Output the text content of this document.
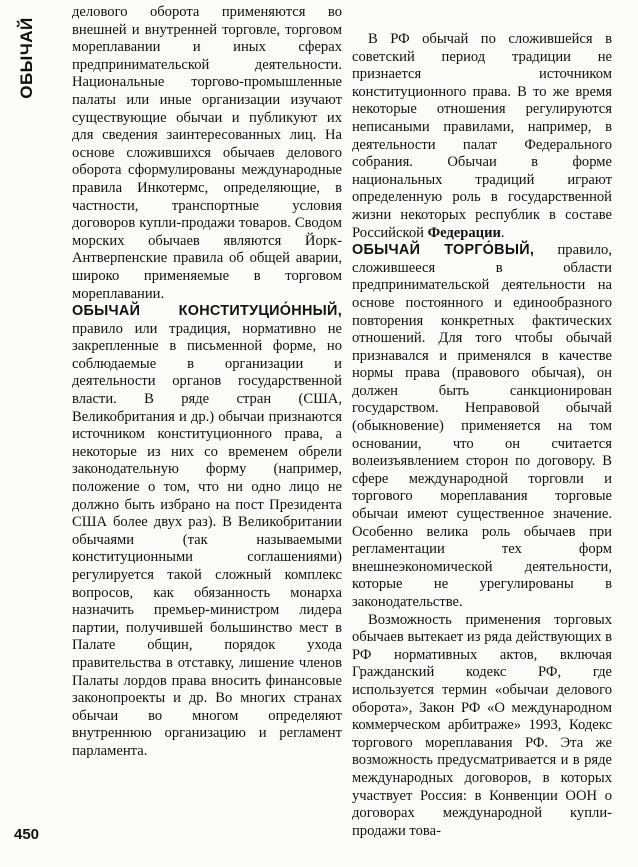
ОБЫЧАЙ
450

делового оборота применяются во внешней и внутренней торговле, торговом мореплавании и иных сферах предпринимательской деятельности. Национальные торгово-промышленные палаты или иные организации изучают существующие обычаи и публикуют их для сведения заинтересованных лиц. На основе сложившихся обычаев делового оборота сформулированы международные правила Инкотермс, определяющие, в частности, транспортные условия договоров купли-продажи товаров. Сводом морских обычаев являются Йорк-Антверпенские правила об общей аварии, широко применяемые в торговом мореплавании.

ОБЫЧАЙ КОНСТИТУЦИО́ННЫЙ, правило или традиция, нормативно не закрепленные в письменной форме, но соблюдаемые в организации и деятельности органов государственной власти. В ряде стран (США, Великобритания и др.) обычаи признаются источником конституционного права, а некоторые из них со временем обрели законодательную форму (например, положение о том, что ни одно лицо не должно быть избрано на пост Президента США более двух раз). В Великобритании обычаями (так называемыми конституционными соглашениями) регулируется такой сложный комплекс вопросов, как обязанность монарха назначить премьер-министром лидера партии, получившей большинство мест в Палате общин, порядок ухода правительства в отставку, лишение членов Палаты лордов права вносить финансовые законопроекты и др. Во многих странах обычаи во многом определяют внутреннюю организацию и регламент парламента.

В РФ обычай по сложившейся в советский период традиции не признается источником конституционного права. В то же время некоторые отношения регулируются неписаными правилами, например, в деятельности палат Федерального собрания. Обычаи в форме национальных традиций играют определенную роль в государственной жизни некоторых республик в составе Российской Федерации.

ОБЫЧАЙ ТОРГО́ВЫЙ, правило, сложившееся в области предпринимательской деятельности на основе постоянного и единообразного повторения конкретных фактических отношений. Для того чтобы обычай признавался и применялся в качестве нормы права (правового обычая), он должен быть санкционирован государством. Неправовой обычай (обыкновение) применяется на том основании, что он считается волеизъявлением сторон по договору. В сфере международной торговли и торгового мореплавания торговые обычаи имеют существенное значение. Особенно велика роль обычаев при регламентации тех форм внешнеэкономической деятельности, которые не урегулированы в законодательстве.

Возможность применения торговых обычаев вытекает из ряда действующих в РФ нормативных актов, включая Гражданский кодекс РФ, где используется термин «обычаи делового оборота», Закон РФ «О международном коммерческом арбитраже» 1993, Кодекс торгового мореплавания РФ. Эта же возможность предусматривается и в ряде международных договоров, в которых участвует Россия: в Конвенции ООН о договорах международной купли-продажи това-
